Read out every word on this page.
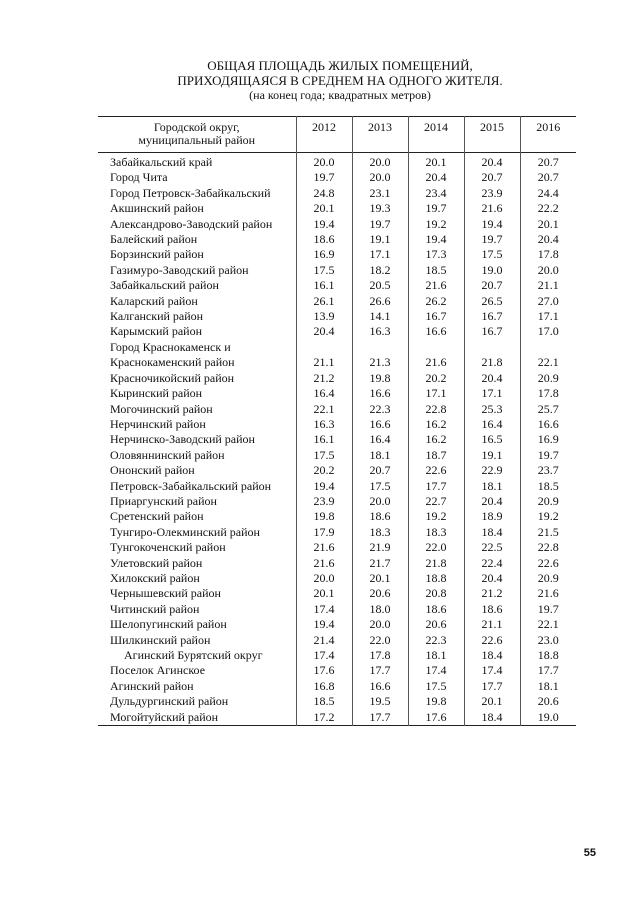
ОБЩАЯ ПЛОЩАДЬ ЖИЛЫХ ПОМЕЩЕНИЙ,
ПРИХОДЯЩАЯСЯ В СРЕДНЕМ НА ОДНОГО ЖИТЕЛЯ.
(на конец года; квадратных метров)
Городской округ,
муниципальный район	2012	2013	2014	2015	2016
Забайкальский край	20.0	20.0	20.1	20.4	20.7
Город Чита	19.7	20.0	20.4	20.7	20.7
Город Петровск-Забайкальский	24.8	23.1	23.4	23.9	24.4
Акшинский район	20.1	19.3	19.7	21.6	22.2
Александрово-Заводский район	19.4	19.7	19.2	19.4	20.1
Балейский район	18.6	19.1	19.4	19.7	20.4
Борзинский район	16.9	17.1	17.3	17.5	17.8
Газимуро-Заводский район	17.5	18.2	18.5	19.0	20.0
Забайкальский район	16.1	20.5	21.6	20.7	21.1
Каларский район	26.1	26.6	26.2	26.5	27.0
Калганский район	13.9	14.1	16.7	16.7	17.1
Карымский район	20.4	16.3	16.6	16.7	17.0
Город Краснокаменск и					
Краснокаменский район	21.1	21.3	21.6	21.8	22.1
Красночикойский район	21.2	19.8	20.2	20.4	20.9
Кыринский район	16.4	16.6	17.1	17.1	17.8
Могочинский район	22.1	22.3	22.8	25.3	25.7
Нерчинский район	16.3	16.6	16.2	16.4	16.6
Нерчинско-Заводский район	16.1	16.4	16.2	16.5	16.9
Оловяннинский район	17.5	18.1	18.7	19.1	19.7
Ононский район	20.2	20.7	22.6	22.9	23.7
Петровск-Забайкальский район	19.4	17.5	17.7	18.1	18.5
Приаргунский район	23.9	20.0	22.7	20.4	20.9
Сретенский район	19.8	18.6	19.2	18.9	19.2
Тунгиро-Олекминский район	17.9	18.3	18.3	18.4	21.5
Тунгокоченский район	21.6	21.9	22.0	22.5	22.8
Улетовский район	21.6	21.7	21.8	22.4	22.6
Хилокский район	20.0	20.1	18.8	20.4	20.9
Чернышевский район	20.1	20.6	20.8	21.2	21.6
Читинский район	17.4	18.0	18.6	18.6	19.7
Шелопугинский район	19.4	20.0	20.6	21.1	22.1
Шилкинский район	21.4	22.0	22.3	22.6	23.0
Агинский Бурятский округ	17.4	17.8	18.1	18.4	18.8
Поселок Агинское	17.6	17.7	17.4	17.4	17.7
Агинский район	16.8	16.6	17.5	17.7	18.1
Дульдургинский район	18.5	19.5	19.8	20.1	20.6
Могойтуйский район	17.2	17.7	17.6	18.4	19.0
55
